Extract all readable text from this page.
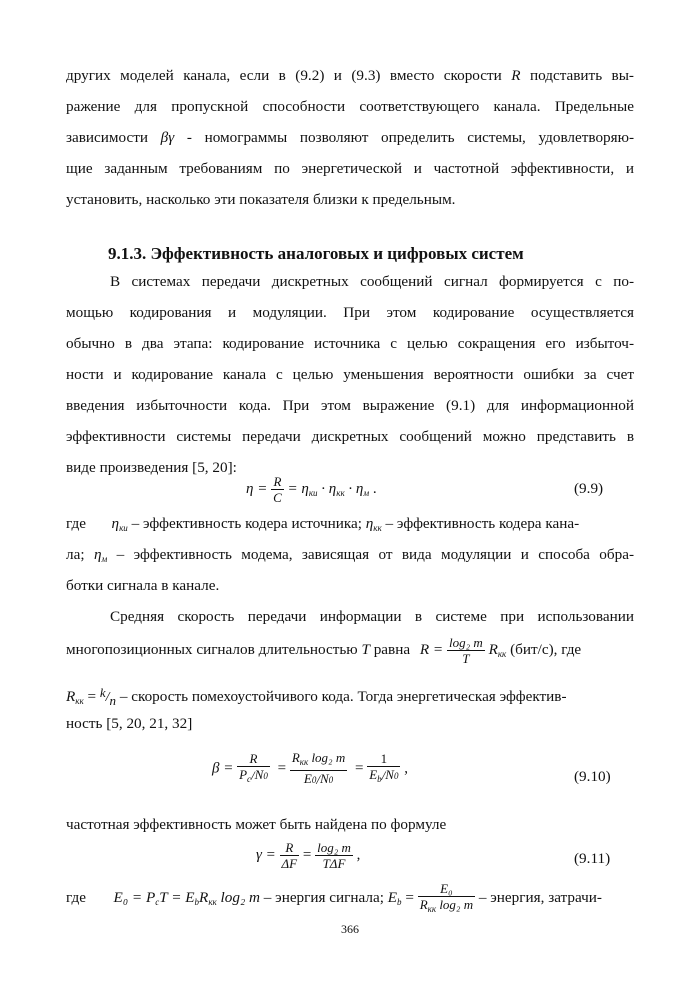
других моделей канала, если в (9.2) и (9.3) вместо скорости R подставить вы-
ражение для пропускной способности соответствующего канала. Предельные
зависимости βγ - номограммы позволяют определить системы, удовлетворяю-
щие заданным требованиям по энергетической и частотной эффективности, и
установить, насколько эти показателя близки к предельным.
9.1.3. Эффективность аналоговых и цифровых систем
В системах передачи дискретных сообщений сигнал формируется с по-
мощью кодирования и модуляции. При этом кодирование осуществляется
обычно в два этапа: кодирование источника с целью сокращения его избыточ-
ности и кодирование канала с целью уменьшения вероятности ошибки за счет
введения избыточности кода. При этом выражение (9.1) для информационной
эффективности системы передачи дискретных сообщений можно представить в
виде произведения [5, 20]:
$\eta = \frac{R}{C} = \eta_{ки} \cdot \eta_{кк} \cdot \eta_м$ .	(9.9)
где $\eta_{ки}$ – эффективность кодера источника; $\eta_{кк}$ – эффективность кодера кана-
ла; $\eta_м$ – эффективность модема, зависящая от вида модуляции и способа обра-
ботки сигнала в канале.
Средняя скорость передачи информации в системе при использовании
многопозиционных сигналов длительностью T равна $R = \frac{\text{log₂ m}}{T} R_{кк}$ (бит/с), где
$R_{кк} = k/n$ – скорость помехоустойчивого кода. Тогда энергетическая эффектив-
ность [5, 20, 21, 32]
$\beta = \frac{R}{P_c/N0} = \frac{R_{кк} \log_2 m}{E0/N0} = \frac{1}{E_b/N0}$ ,	(9.10)
частотная эффективность может быть найдена по формуле
$\gamma = \frac{R}{\Delta F} = \frac{\text{log₂ m}}{\text{TΔF}}$ ,	(9.11)
где $E_0 = P_cT = E_bR_{кк}$ log₂ m – энергия сигнала; $E_b = \frac{\text{E₀}}{R_{кк} \log_2 m}$ – энергия, затрачи-
366
